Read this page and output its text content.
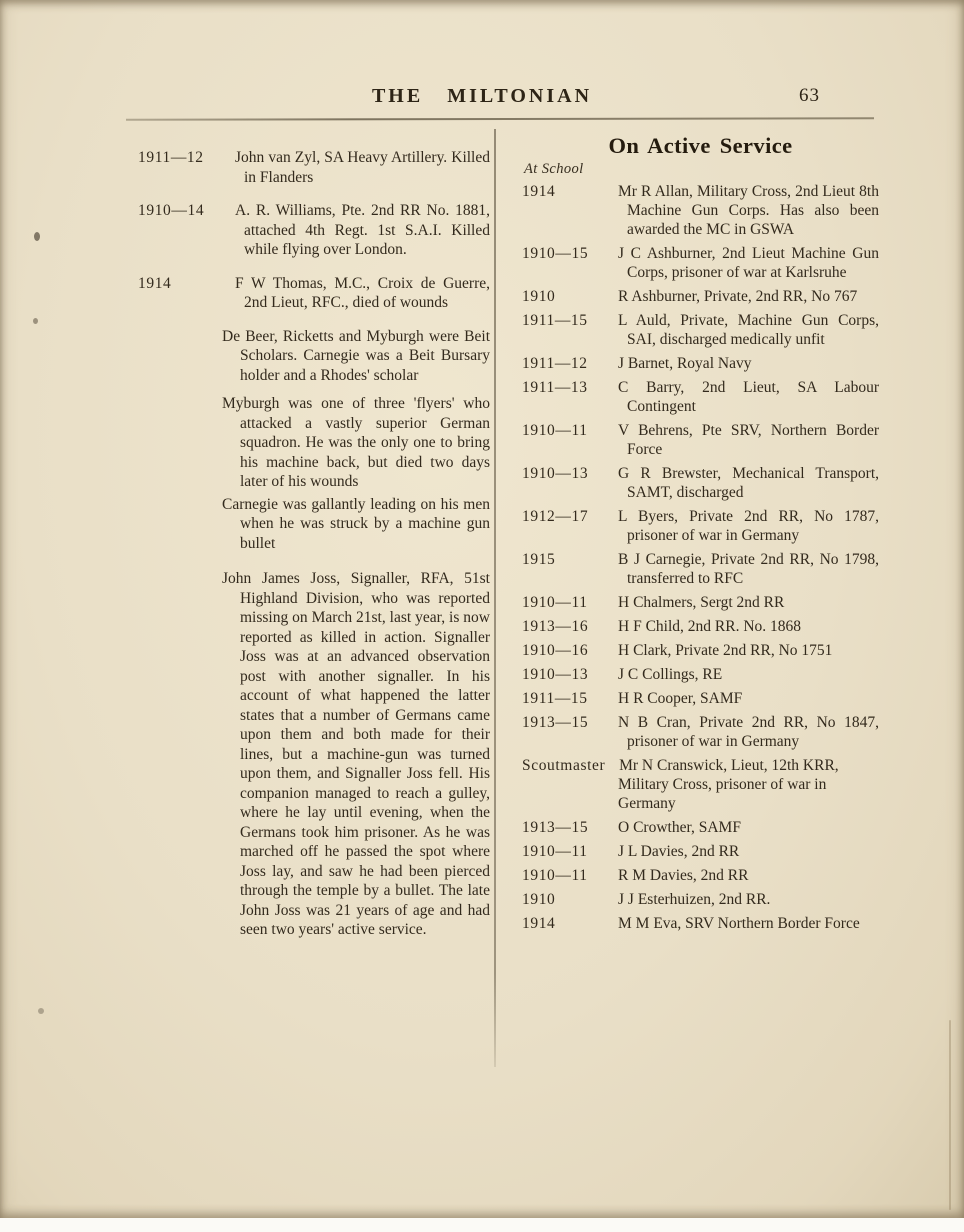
THE MILTONIAN	63
1911—12	John van Zyl, SA Heavy Artillery. Killed in Flanders
1910—14	A. R. Williams, Pte. 2nd RR No. 1881, attached 4th Regt. 1st S.A.I. Killed while flying over London.
1914	F W Thomas, M.C., Croix de Guerre, 2nd Lieut, RFC., died of wounds

De Beer, Ricketts and Myburgh were Beit Scholars. Carnegie was a Beit Bursary holder and a Rhodes' scholar

Myburgh was one of three 'flyers' who attacked a vastly superior German squadron. He was the only one to bring his machine back, but died two days later of his wounds

Carnegie was gallantly leading on his men when he was struck by a machine gun bullet

John James Joss, Signaller, RFA, 51st Highland Division, who was reported missing on March 21st, last year, is now reported as killed in action. Signaller Joss was at an advanced observation post with another signaller. In his account of what happened the latter states that a number of Germans came upon them and both made for their lines, but a machine-gun was turned upon them, and Signaller Joss fell. His companion managed to reach a gulley, where he lay until evening, when the Germans took him prisoner. As he was marched off he passed the spot where Joss lay, and saw he had been pierced through the temple by a bullet. The late John Joss was 21 years of age and had seen two years' active service.

On Active Service
At School
1914	Mr R Allan, Military Cross, 2nd Lieut 8th Machine Gun Corps. Has also been awarded the MC in GSWA
1910—15	J C Ashburner, 2nd Lieut Machine Gun Corps, prisoner of war at Karlsruhe
1910	R Ashburner, Private, 2nd RR, No 767
1911—15	L Auld, Private, Machine Gun Corps, SAI, discharged medically unfit
1911—12	J Barnet, Royal Navy
1911—13	C Barry, 2nd Lieut, SA Labour Contingent
1910—11	V Behrens, Pte SRV, Northern Border Force
1910—13	G R Brewster, Mechanical Transport, SAMT, discharged
1912—17	L Byers, Private 2nd RR, No 1787, prisoner of war in Germany
1915	B J Carnegie, Private 2nd RR, No 1798, transferred to RFC
1910—11	H Chalmers, Sergt 2nd RR
1913—16	H F Child, 2nd RR. No. 1868
1910—16	H Clark, Private 2nd RR, No 1751
1910—13	J C Collings, RE
1911—15	H R Cooper, SAMF
1913—15	N B Cran, Private 2nd RR, No 1847, prisoner of war in Germany
Scoutmaster Mr N Cranswick, Lieut, 12th KRR, Military Cross, prisoner of war in Germany
1913—15	O Crowther, SAMF
1910—11	J L Davies, 2nd RR
1910—11	R M Davies, 2nd RR
1910	J J Esterhuizen, 2nd RR.
1914	M M Eva, SRV Northern Border Force
